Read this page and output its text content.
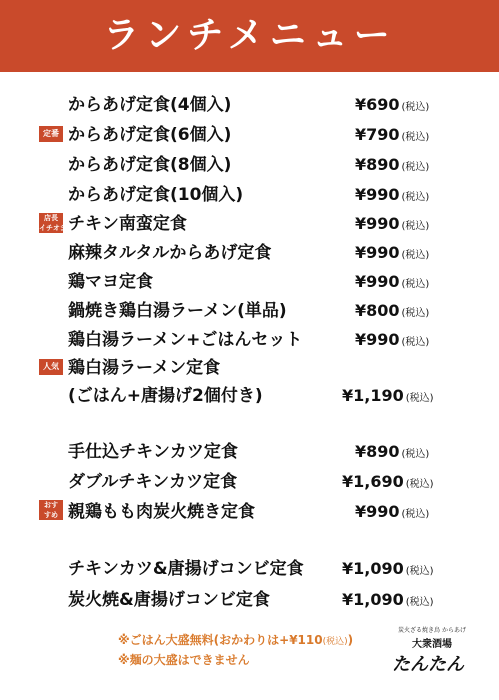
ランチメニュー
定番
店長
イチオシ
人気
おす
すめ
からあげ定食(4個入)	¥690 (税込)
からあげ定食(6個入)	¥790 (税込)
からあげ定食(8個入)	¥890 (税込)
からあげ定食(10個入)	¥990 (税込)
チキン南蛮定食	¥990 (税込)
麻辣タルタルからあげ定食	¥990 (税込)
鶏マヨ定食	¥990 (税込)
鍋焼き鶏白湯ラーメン(単品)	¥800 (税込)
鶏白湯ラーメン+ごはんセット	¥990 (税込)
鶏白湯ラーメン定食
(ごはん+唐揚げ2個付き)	¥1,190 (税込)
手仕込チキンカツ定食	¥890 (税込)
ダブルチキンカツ定食	¥1,690 (税込)
親鶏もも肉炭火焼き定食	¥990 (税込)
チキンカツ&唐揚げコンビ定食 ¥1,090 (税込)
炭火焼&唐揚げコンビ定食	¥1,090 (税込)
※ごはん大盛無料(おかわりは+¥110(税込))
※麺の大盛はできません
炭火ざる焼き鳥 からあげ
大衆酒場
たんたん
